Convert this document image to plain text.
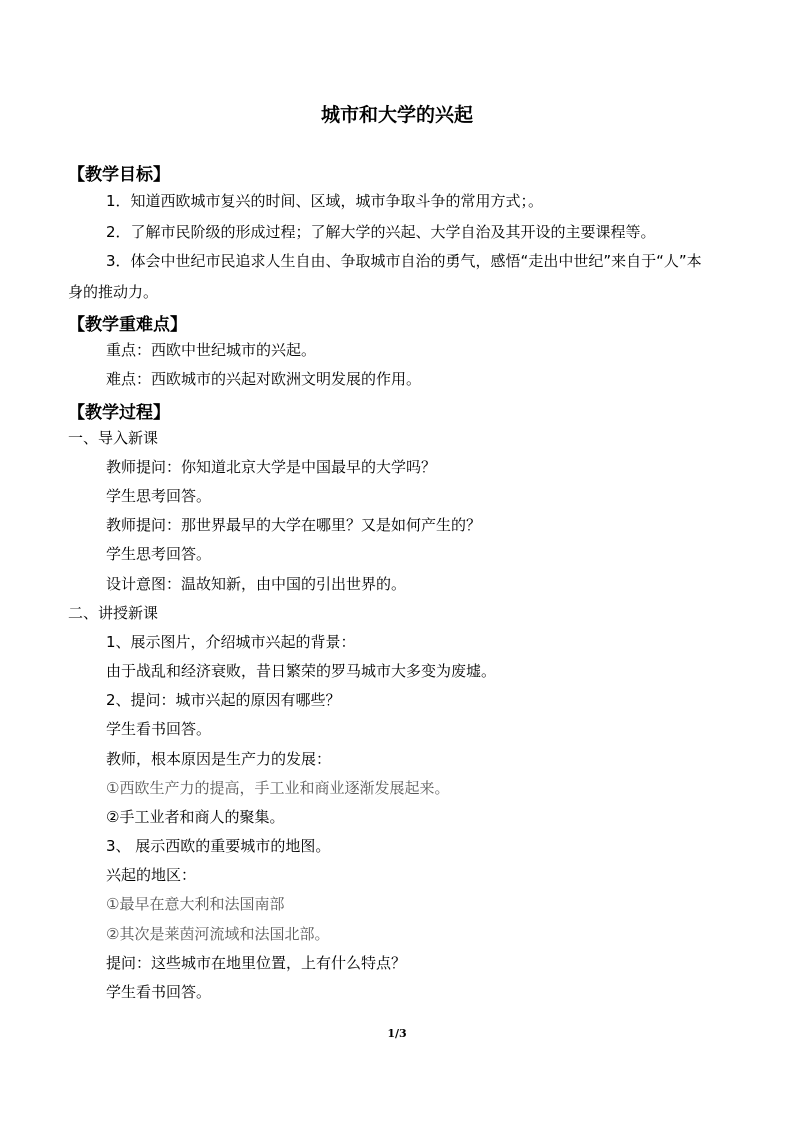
城市和大学的兴起
【教学目标】
1．知道西欧城市复兴的时间、区域，城市争取斗争的常用方式；。
2．了解市民阶级的形成过程；了解大学的兴起、大学自治及其开设的主要课程等。
3．体会中世纪市民追求人生自由、争取城市自治的勇气，感悟“走出中世纪”来自于“人”本身的推动力。
【教学重难点】
重点：西欧中世纪城市的兴起。
难点：西欧城市的兴起对欧洲文明发展的作用。
【教学过程】
一、导入新课
教师提问：你知道北京大学是中国最早的大学吗？
学生思考回答。
教师提问：那世界最早的大学在哪里？又是如何产生的？
学生思考回答。
设计意图：温故知新，由中国的引出世界的。
二、讲授新课
1、展示图片，介绍城市兴起的背景：
由于战乱和经济衰败，昔日繁荣的罗马城市大多变为废墟。
2、提问：城市兴起的原因有哪些？
学生看书回答。
教师，根本原因是生产力的发展：
①西欧生产力的提高，手工业和商业逐渐发展起来。
②手工业者和商人的聚集。
3、 展示西欧的重要城市的地图。
兴起的地区：
①最早在意大利和法国南部
②其次是莱茵河流域和法国北部。
提问：这些城市在地里位置，上有什么特点？
学生看书回答。
1/3
